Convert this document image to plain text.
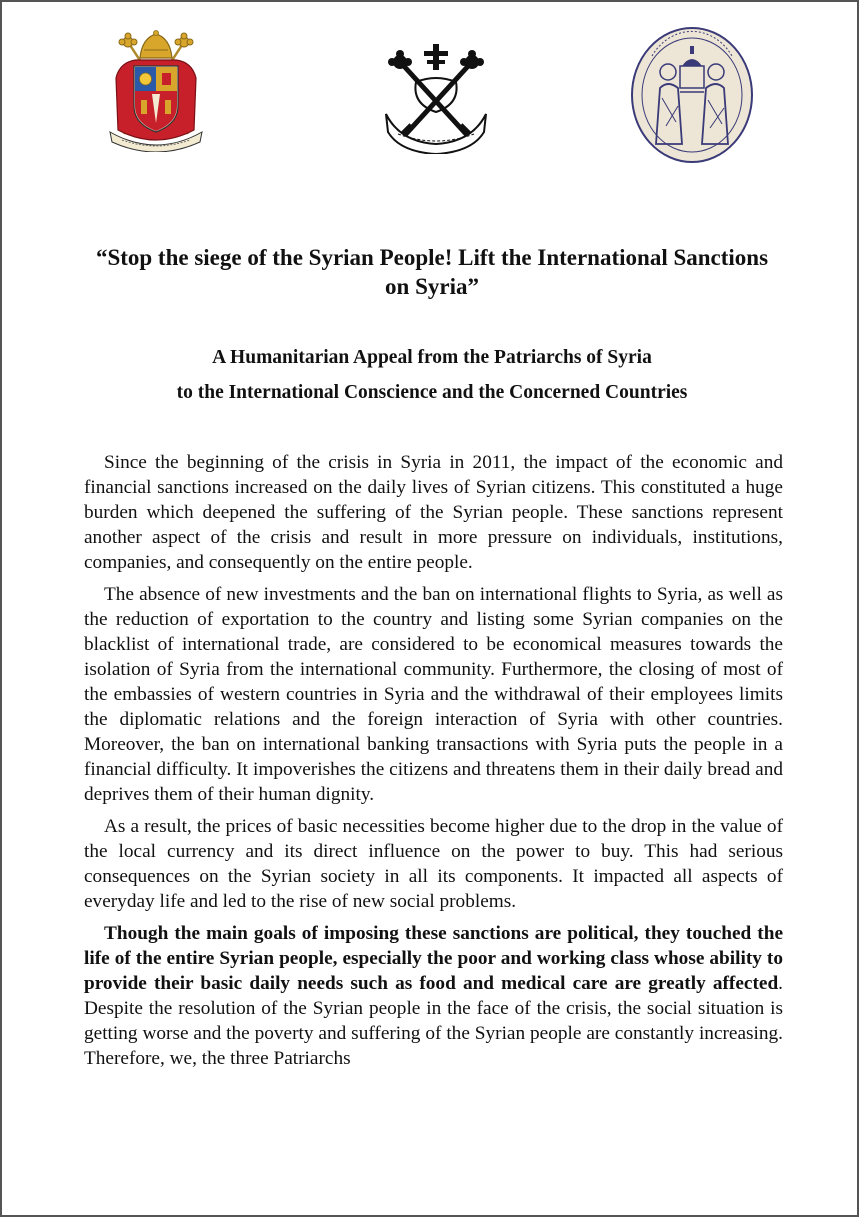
“Stop the siege of the Syrian People! Lift the International Sanctions on Syria”
A Humanitarian Appeal from the Patriarchs of Syria
to the International Conscience and the Concerned Countries

Since the beginning of the crisis in Syria in 2011, the impact of the economic and financial sanctions increased on the daily lives of Syrian citizens. This constituted a huge burden which deepened the suffering of the Syrian people. These sanctions represent another aspect of the crisis and result in more pressure on individuals, institutions, companies, and consequently on the entire people.

The absence of new investments and the ban on international flights to Syria, as well as the reduction of exportation to the country and listing some Syrian companies on the blacklist of international trade, are considered to be economical measures towards the isolation of Syria from the international community. Furthermore, the closing of most of the embassies of western countries in Syria and the withdrawal of their employees limits the diplomatic relations and the foreign interaction of Syria with other countries. Moreover, the ban on international banking transactions with Syria puts the people in a financial difficulty. It impoverishes the citizens and threatens them in their daily bread and deprives them of their human dignity.

As a result, the prices of basic necessities become higher due to the drop in the value of the local currency and its direct influence on the power to buy. This had serious consequences on the Syrian society in all its components. It impacted all aspects of everyday life and led to the rise of new social problems.

Though the main goals of imposing these sanctions are political, they touched the life of the entire Syrian people, especially the poor and working class whose ability to provide their basic daily needs such as food and medical care are greatly affected. Despite the resolution of the Syrian people in the face of the crisis, the social situation is getting worse and the poverty and suffering of the Syrian people are constantly increasing. Therefore, we, the three Patriarchs
